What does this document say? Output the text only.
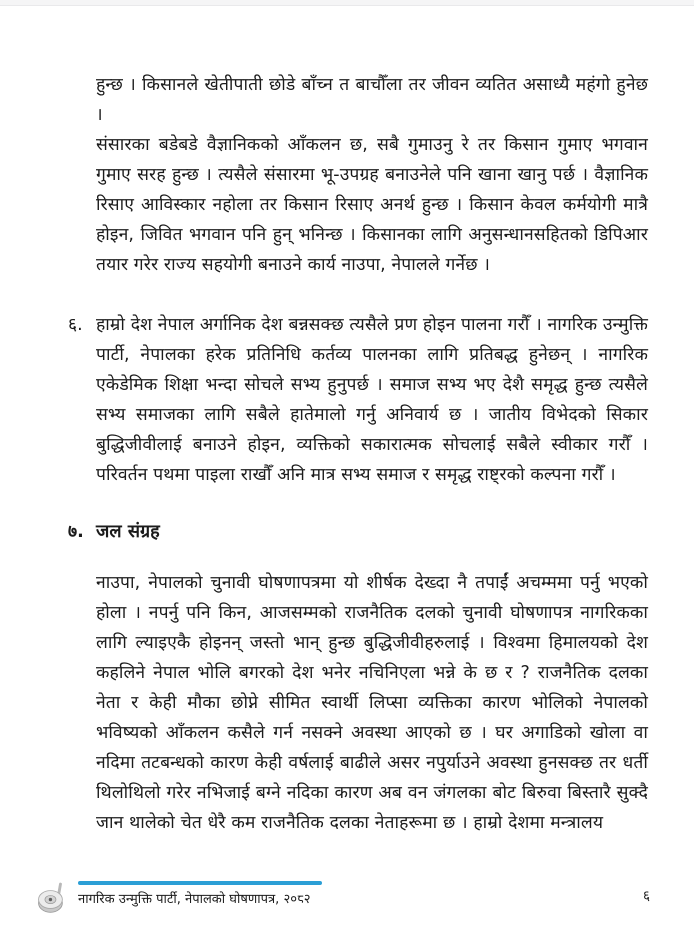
हुन्छ । किसानले खेतीपाती छोडे बाँच्न त बाचौँला तर जीवन व्यतित असाध्यै महंगो हुनेछ ।

संसारका बडेबडे वैज्ञानिकको आँकलन छ, सबै गुमाउनु रे तर किसान गुमाए भगवान गुमाए सरह हुन्छ । त्यसैले संसारमा भू-उपग्रह बनाउनेले पनि खाना खानु पर्छ । वैज्ञानिक रिसाए आविस्कार नहोला तर किसान रिसाए अनर्थ हुन्छ । किसान केवल कर्मयोगी मात्रै होइन, जिवित भगवान पनि हुन् भनिन्छ । किसानका लागि अनुसन्धानसहितको डिपिआर तयार गरेर राज्य सहयोगी बनाउने कार्य नाउपा, नेपालले गर्नेछ ।

६. हाम्रो देश नेपाल अर्गानिक देश बन्नसक्छ त्यसैले प्रण होइन पालना गरौँ । नागरिक उन्मुक्ति पार्टी, नेपालका हरेक प्रतिनिधि कर्तव्य पालनका लागि प्रतिबद्ध हुनेछन् । नागरिक एकेडेमिक शिक्षा भन्दा सोचले सभ्य हुनुपर्छ । समाज सभ्य भए देशै समृद्ध हुन्छ त्यसैले सभ्य समाजका लागि सबैले हातेमालो गर्नु अनिवार्य छ । जातीय विभेदको सिकार बुद्धिजीवीलाई बनाउने होइन, व्यक्तिको सकारात्मक सोचलाई सबैले स्वीकार गरौँ । परिवर्तन पथमा पाइला राखौँ अनि मात्र सभ्य समाज र समृद्ध राष्ट्रको कल्पना गरौँ ।

७. जल संग्रह

नाउपा, नेपालको चुनावी घोषणापत्रमा यो शीर्षक देख्दा नै तपाईं अचम्ममा पर्नु भएको होला । नपर्नु पनि किन, आजसम्मको राजनैतिक दलको चुनावी घोषणापत्र नागरिकका लागि ल्याइएकै होइनन् जस्तो भान् हुन्छ बुद्धिजीवीहरुलाई । विश्वमा हिमालयको देश कहलिने नेपाल भोलि बगरको देश भनेर नचिनिएला भन्ने के छ र ? राजनैतिक दलका नेता र केही मौका छोप्ने सीमित स्वार्थी लिप्सा व्यक्तिका कारण भोलिको नेपालको भविष्यको आँकलन कसैले गर्न नसक्ने अवस्था आएको छ । घर अगाडिको खोला वा नदिमा तटबन्धको कारण केही वर्षलाई बाढीले असर नपुर्याउने अवस्था हुनसक्छ तर धर्ती थिलोथिलो गरेर नभिजाई बग्ने नदिका कारण अब वन जंगलका बोट बिरुवा बिस्तारै सुक्दै जान थालेको चेत धेरै कम राजनैतिक दलका नेताहरूमा छ । हाम्रो देशमा मन्त्रालय

नागरिक उन्मुक्ति पार्टी, नेपालको घोषणापत्र, २०८२	६
